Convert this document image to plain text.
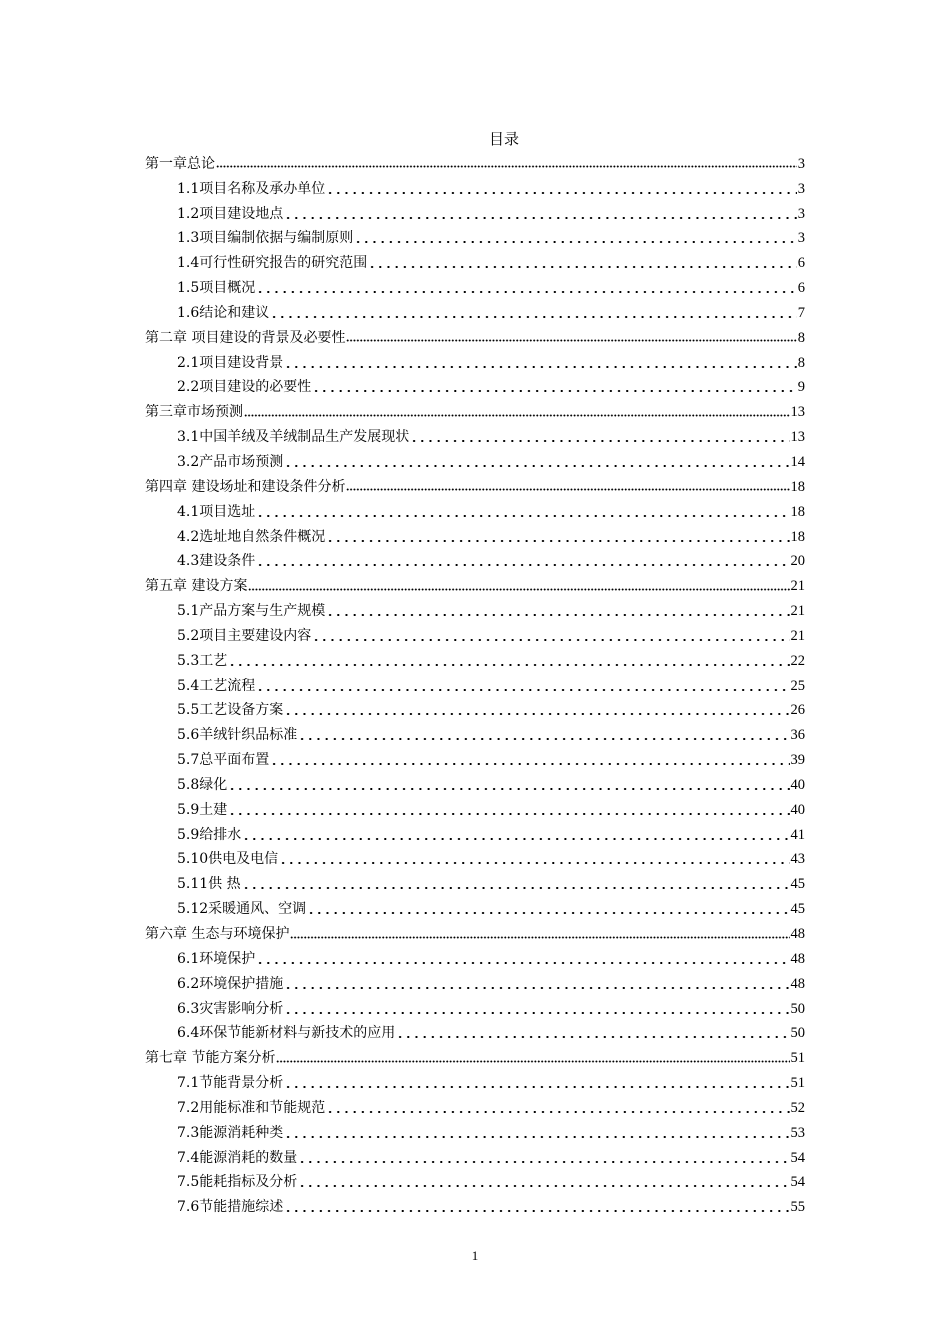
目录
第一章总论	3
1.1项目名称及承办单位	3
1.2项目建设地点	3
1.3项目编制依据与编制原则	3
1.4可行性研究报告的研究范围	6
1.5项目概况	6
1.6结论和建议	7
第二章 项目建设的背景及必要性	8
2.1项目建设背景	8
2.2项目建设的必要性	9
第三章市场预测	13
3.1中国羊绒及羊绒制品生产发展现状	13
3.2产品市场预测	14
第四章 建设场址和建设条件分析	18
4.1项目选址	18
4.2选址地自然条件概况	18
4.3建设条件	20
第五章 建设方案	21
5.1产品方案与生产规模	21
5.2项目主要建设内容	21
5.3工艺	22
5.4工艺流程	25
5.5工艺设备方案	26
5.6羊绒针织品标准	36
5.7总平面布置	39
5.8绿化	40
5.9土建	40
5.9给排水	41
5.10供电及电信	43
5.11供 热	45
5.12采暖通风、空调	45
第六章 生态与环境保护	48
6.1环境保护	48
6.2环境保护措施	48
6.3灾害影响分析	50
6.4环保节能新材料与新技术的应用	50
第七章 节能方案分析	51
7.1节能背景分析	51
7.2用能标准和节能规范	52
7.3能源消耗种类	53
7.4能源消耗的数量	54
7.5能耗指标及分析	54
7.6节能措施综述	55
1
